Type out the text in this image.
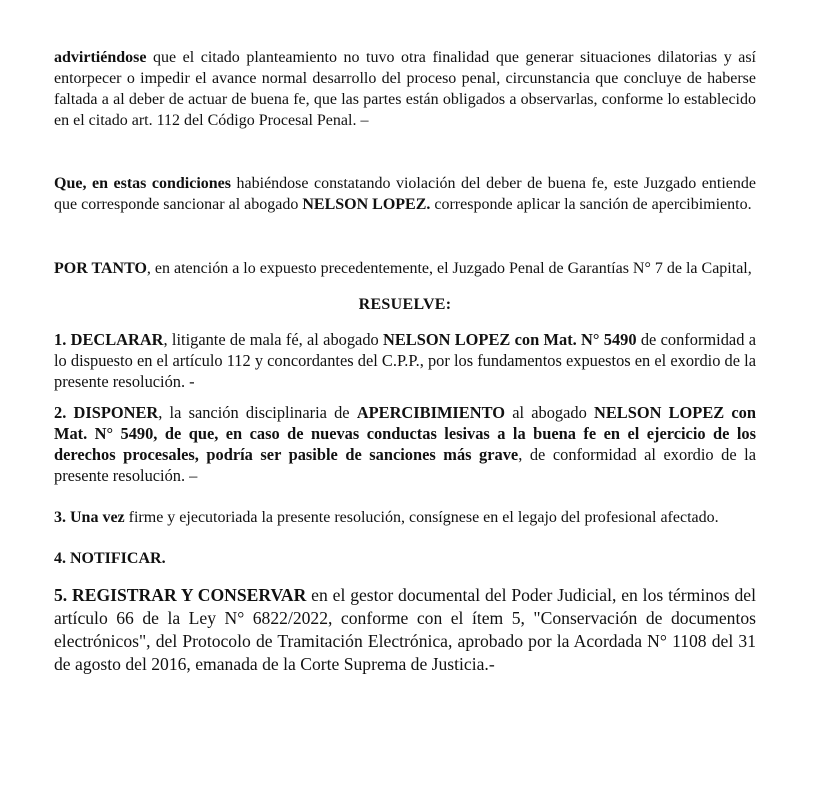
advirtiéndose que el citado planteamiento no tuvo otra finalidad que generar situaciones dilatorias y así entorpecer o impedir el avance normal desarrollo del proceso penal, circunstancia que concluye de haberse faltada a al deber de actuar de buena fe, que las partes están obligados a observarlas, conforme lo establecido en el citado art. 112 del Código Procesal Penal. –

Que, en estas condiciones habiéndose constatando violación del deber de buena fe, este Juzgado entiende que corresponde sancionar al abogado NELSON LOPEZ. corresponde aplicar la sanción de apercibimiento.

POR TANTO, en atención a lo expuesto precedentemente, el Juzgado Penal de Garantías N° 7 de la Capital,

RESUELVE:

1. DECLARAR, litigante de mala fé, al abogado NELSON LOPEZ con Mat. N° 5490 de conformidad a lo dispuesto en el artículo 112 y concordantes del C.P.P., por los fundamentos expuestos en el exordio de la presente resolución. -

2. DISPONER, la sanción disciplinaria de APERCIBIMIENTO al abogado NELSON LOPEZ con Mat. N° 5490, de que, en caso de nuevas conductas lesivas a la buena fe en el ejercicio de los derechos procesales, podría ser pasible de sanciones más grave, de conformidad al exordio de la presente resolución. –

3. Una vez firme y ejecutoriada la presente resolución, consígnese en el legajo del profesional afectado.

4. NOTIFICAR.

5. REGISTRAR Y CONSERVAR en el gestor documental del Poder Judicial, en los términos del artículo 66 de la Ley N° 6822/2022, conforme con el ítem 5, "Conservación de documentos electrónicos", del Protocolo de Tramitación Electrónica, aprobado por la Acordada N° 1108 del 31 de agosto del 2016, emanada de la Corte Suprema de Justicia.-
